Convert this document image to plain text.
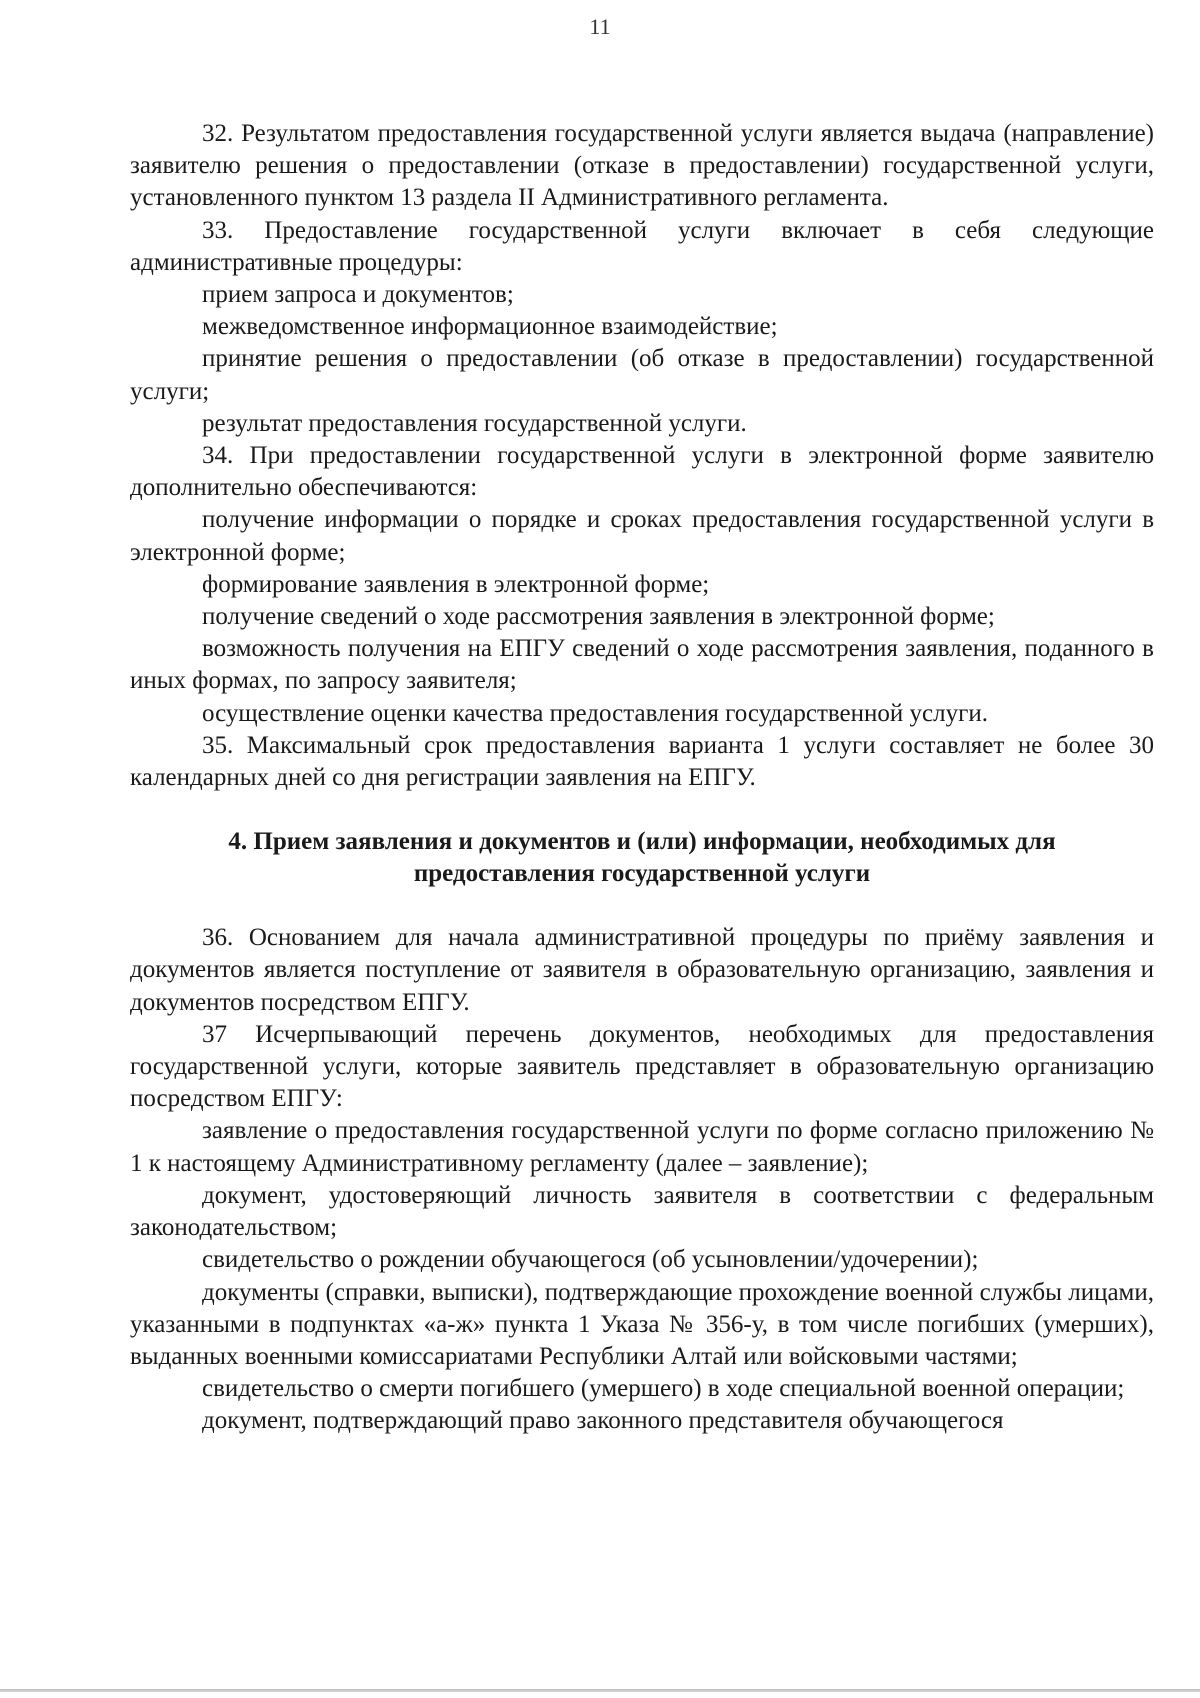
11

32. Результатом предоставления государственной услуги является выдача (направление) заявителю решения о предоставлении (отказе в предоставлении) государственной услуги, установленного пунктом 13 раздела II Административного регламента.

33. Предоставление государственной услуги включает в себя следующие административные процедуры:

прием запроса и документов;

межведомственное информационное взаимодействие;

принятие решения о предоставлении (об отказе в предоставлении) государственной услуги;

результат предоставления государственной услуги.

34. При предоставлении государственной услуги в электронной форме заявителю дополнительно обеспечиваются:

получение информации о порядке и сроках предоставления государственной услуги в электронной форме;

формирование заявления в электронной форме;

получение сведений о ходе рассмотрения заявления в электронной форме;

возможность получения на ЕПГУ сведений о ходе рассмотрения заявления, поданного в иных формах, по запросу заявителя;

осуществление оценки качества предоставления государственной услуги.

35. Максимальный срок предоставления варианта 1 услуги составляет не более 30 календарных дней со дня регистрации заявления на ЕПГУ.

4. Прием заявления и документов и (или) информации, необходимых для предоставления государственной услуги

36. Основанием для начала административной процедуры по приёму заявления и документов является поступление от заявителя в образовательную организацию, заявления и документов посредством ЕПГУ.

37 Исчерпывающий перечень документов, необходимых для предоставления государственной услуги, которые заявитель представляет в образовательную организацию посредством ЕПГУ:

заявление о предоставления государственной услуги по форме согласно приложению № 1 к настоящему Административному регламенту (далее – заявление);

документ, удостоверяющий личность заявителя в соответствии с федеральным законодательством;

свидетельство о рождении обучающегося (об усыновлении/удочерении);

документы (справки, выписки), подтверждающие прохождение военной службы лицами, указанными в подпунктах «а-ж» пункта 1 Указа № 356-у, в том числе погибших (умерших), выданных военными комиссариатами Республики Алтай или войсковыми частями;

свидетельство о смерти погибшего (умершего) в ходе специальной военной операции;

документ, подтверждающий право законного представителя обучающегося
